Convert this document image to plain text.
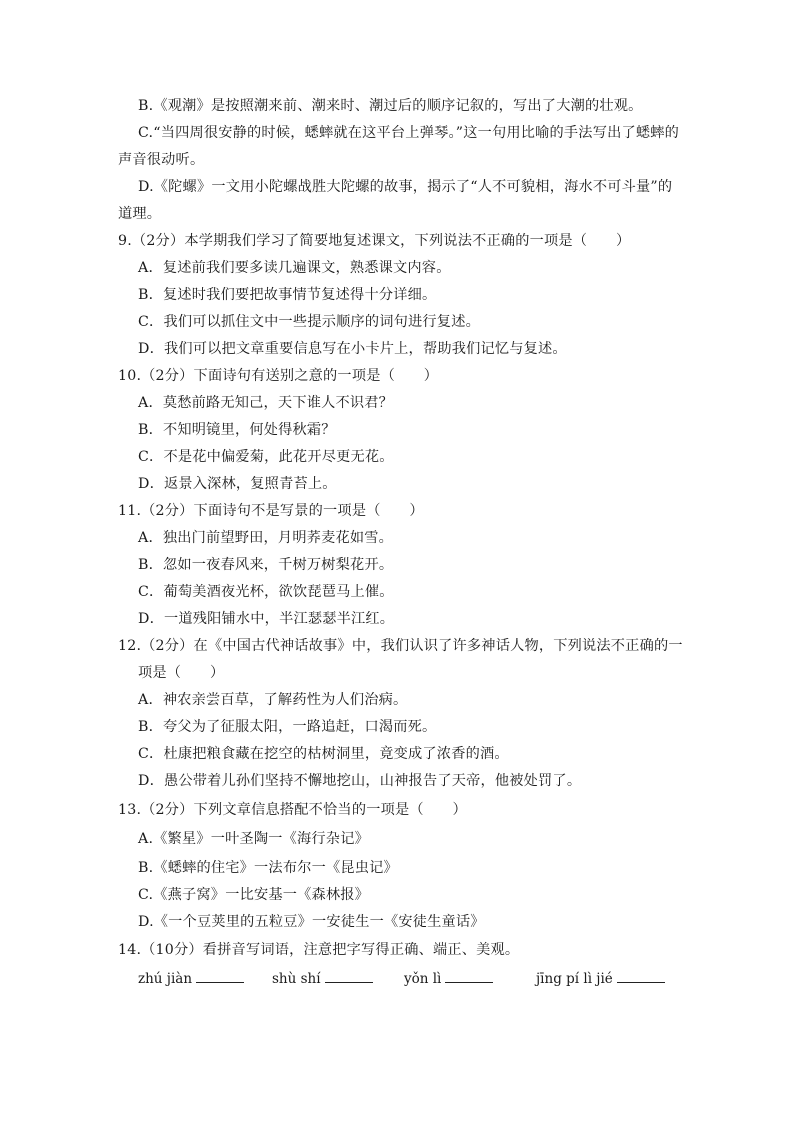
B.《观潮》是按照潮来前、潮来时、潮过后的顺序记叙的，写出了大潮的壮观。
C.“当四周很安静的时候，蟋蟀就在这平台上弹琴。”这一句用比喻的手法写出了蟋蟀的
声音很动听。
D.《陀螺》一文用小陀螺战胜大陀螺的故事，揭示了“人不可貌相，海水不可斗量”的
道理。
9.（2分）本学期我们学习了简要地复述课文，下列说法不正确的一项是（　　）
A．复述前我们要多读几遍课文，熟悉课文内容。
B．复述时我们要把故事情节复述得十分详细。
C．我们可以抓住文中一些提示顺序的词句进行复述。
D．我们可以把文章重要信息写在小卡片上，帮助我们记忆与复述。
10.（2分）下面诗句有送别之意的一项是（　　）
A．莫愁前路无知己，天下谁人不识君？
B．不知明镜里，何处得秋霜？
C．不是花中偏爱菊，此花开尽更无花。
D．返景入深林，复照青苔上。
11.（2分）下面诗句不是写景的一项是（　　）
A．独出门前望野田，月明荞麦花如雪。
B．忽如一夜春风来，千树万树梨花开。
C．葡萄美酒夜光杯，欲饮琵琶马上催。
D．一道残阳铺水中，半江瑟瑟半江红。
12.（2分）在《中国古代神话故事》中，我们认识了许多神话人物，下列说法不正确的一
项是（　　）
A．神农亲尝百草，了解药性为人们治病。
B．夸父为了征服太阳，一路追赶，口渴而死。
C．杜康把粮食藏在挖空的枯树洞里，竟变成了浓香的酒。
D．愚公带着儿孙们坚持不懈地挖山，山神报告了天帝，他被处罚了。
13.（2分）下列文章信息搭配不恰当的一项是（　　）
A.《繁星》一叶圣陶一《海行杂记》
B.《蟋蟀的住宅》一法布尔一《昆虫记》
C.《燕子窝》一比安基一《森林报》
D.《一个豆荚里的五粒豆》一安徒生一《安徒生童话》
14.（10分）看拼音写词语，注意把字写得正确、端正、美观。
zhú jiàn	shù shí	yǒn lì	jīng pí lì jié
